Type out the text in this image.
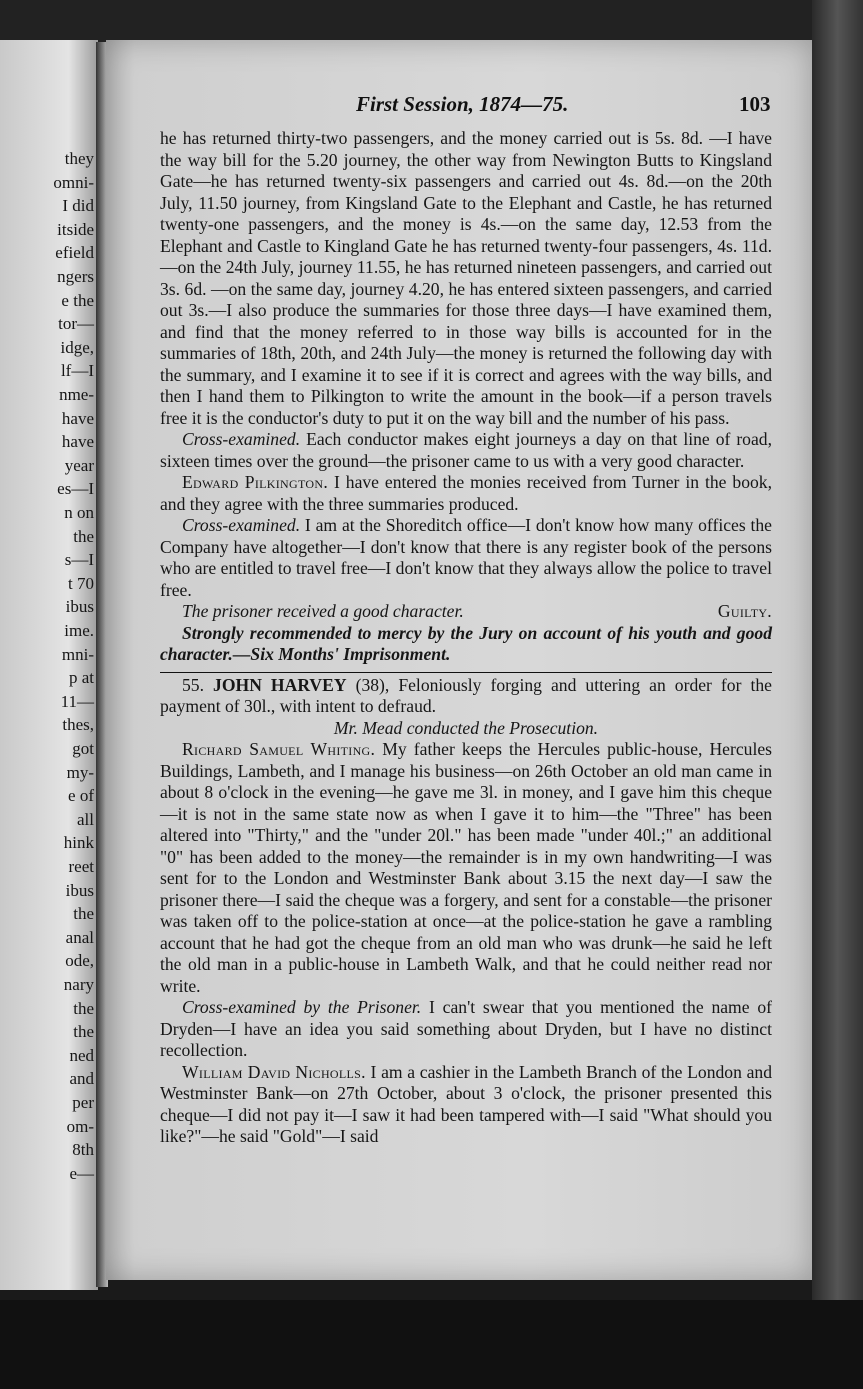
they
omni-
I did
itside
efield
ngers
e the
tor—
idge,
lf—I
nme-
have
have
year
es—I
n on
the
s—I
t 70
ibus
ime.
mni-
p at
11—
thes,
got
my-
e of
all
hink
reet
ibus
the
anal
ode,
nary
the
the
ned
and
per
om-
8th
e—
First Session, 1874—75.	103

he has returned thirty-two passengers, and the money carried out is 5s. 8d. —I have the way bill for the 5.20 journey, the other way from Newington Butts to Kingsland Gate—he has returned twenty-six passengers and carried out 4s. 8d.—on the 20th July, 11.50 journey, from Kingsland Gate to the Elephant and Castle, he has returned twenty-one passengers, and the money is 4s.—on the same day, 12.53 from the Elephant and Castle to Kingland Gate he has returned twenty-four passengers, 4s. 11d.—on the 24th July, journey 11.55, he has returned nineteen passengers, and carried out 3s. 6d. —on the same day, journey 4.20, he has entered sixteen passengers, and carried out 3s.—I also produce the summaries for those three days—I have examined them, and find that the money referred to in those way bills is accounted for in the summaries of 18th, 20th, and 24th July—the money is returned the following day with the summary, and I examine it to see if it is correct and agrees with the way bills, and then I hand them to Pilkington to write the amount in the book—if a person travels free it is the conductor's duty to put it on the way bill and the number of his pass.

Cross-examined. Each conductor makes eight journeys a day on that line of road, sixteen times over the ground—the prisoner came to us with a very good character.

Edward Pilkington. I have entered the monies received from Turner in the book, and they agree with the three summaries produced.

Cross-examined. I am at the Shoreditch office—I don't know how many offices the Company have altogether—I don't know that there is any register book of the persons who are entitled to travel free—I don't know that they always allow the police to travel free.

The prisoner received a good character.	Guilty.

Strongly recommended to mercy by the Jury on account of his youth and good character.—Six Months' Imprisonment.

55. JOHN HARVEY (38), Feloniously forging and uttering an order for the payment of 30l., with intent to defraud.

Mr. Mead conducted the Prosecution.

Richard Samuel Whiting. My father keeps the Hercules public-house, Hercules Buildings, Lambeth, and I manage his business—on 26th October an old man came in about 8 o'clock in the evening—he gave me 3l. in money, and I gave him this cheque—it is not in the same state now as when I gave it to him—the "Three" has been altered into "Thirty," and the "under 20l." has been made "under 40l.;" an additional "0" has been added to the money—the remainder is in my own handwriting—I was sent for to the London and Westminster Bank about 3.15 the next day—I saw the prisoner there—I said the cheque was a forgery, and sent for a constable—the prisoner was taken off to the police-station at once—at the police-station he gave a rambling account that he had got the cheque from an old man who was drunk—he said he left the old man in a public-house in Lambeth Walk, and that he could neither read nor write.

Cross-examined by the Prisoner. I can't swear that you mentioned the name of Dryden—I have an idea you said something about Dryden, but I have no distinct recollection.

William David Nicholls. I am a cashier in the Lambeth Branch of the London and Westminster Bank—on 27th October, about 3 o'clock, the prisoner presented this cheque—I did not pay it—I saw it had been tampered with—I said "What should you like?"—he said "Gold"—I said
